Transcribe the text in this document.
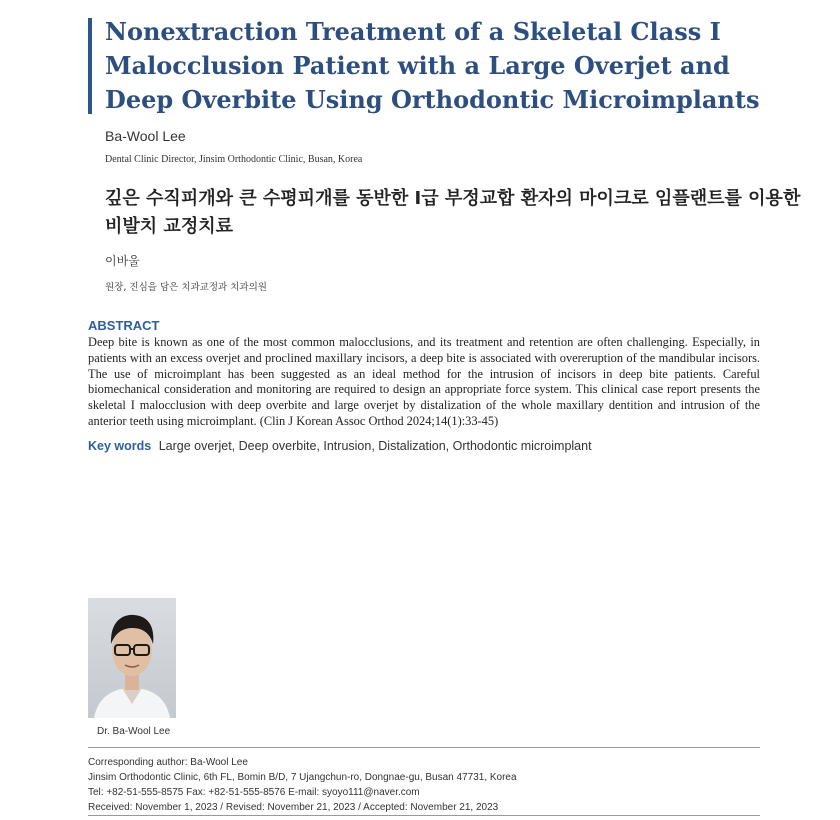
Nonextraction Treatment of a Skeletal Class I Malocclusion Patient with a Large Overjet and Deep Overbite Using Orthodontic Microimplants
Ba-Wool Lee
Dental Clinic Director, Jinsim Orthodontic Clinic, Busan, Korea
깊은 수직피개와 큰 수평피개를 동반한 I급 부정교합 환자의 마이크로 임플랜트를 이용한 비발치 교정치료
이바울
원장, 진심을 담은 치과교정과 치과의원
ABSTRACT

Deep bite is known as one of the most common malocclusions, and its treatment and retention are often challenging. Especially, in patients with an excess overjet and proclined maxillary incisors, a deep bite is associated with overeruption of the mandibular incisors. The use of microimplant has been suggested as an ideal method for the intrusion of incisors in deep bite patients. Careful biomechanical consideration and monitoring are required to design an appropriate force system. This clinical case report presents the skeletal I malocclusion with deep overbite and large overjet by distalization of the whole maxillary dentition and intrusion of the anterior teeth using microimplant. (Clin J Korean Assoc Orthod 2024;14(1):33-45)

Key words Large overjet, Deep overbite, Intrusion, Distalization, Orthodontic microimplant
Dr. Ba-Wool Lee
Corresponding author: Ba-Wool Lee
Jinsim Orthodontic Clinic, 6th FL, Bomin B/D, 7 Ujangchun-ro, Dongnae-gu, Busan 47731, Korea
Tel: +82-51-555-8575 Fax: +82-51-555-8576 E-mail: syoyo111@naver.com
Received: November 1, 2023 / Revised: November 21, 2023 / Accepted: November 21, 2023
